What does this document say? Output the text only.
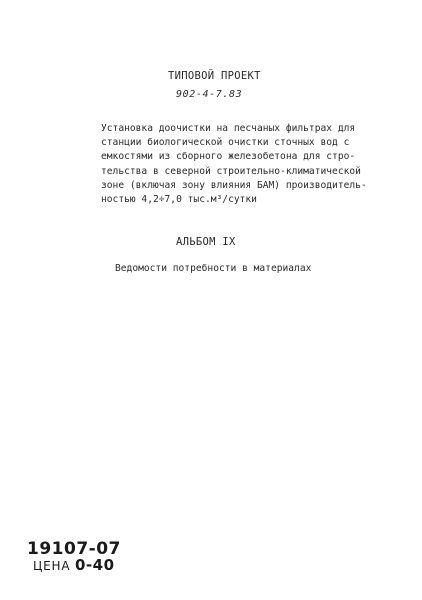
ТИПОВОЙ ПРОЕКТ
902-4-7.83
Установка доочистки на песчаных фильтрах для
станции биологической очистки сточных вод с
емкостями из сборного железобетона для стро-
тельства в северной строительно-климатической
зоне (включая зону влияния БАМ) производитель-
ностью 4,2÷7,0 тыс.м³/сутки
АЛЬБОМ IX
Ведомости потребности в материалах
19107-07
ЦЕНА 0-40
